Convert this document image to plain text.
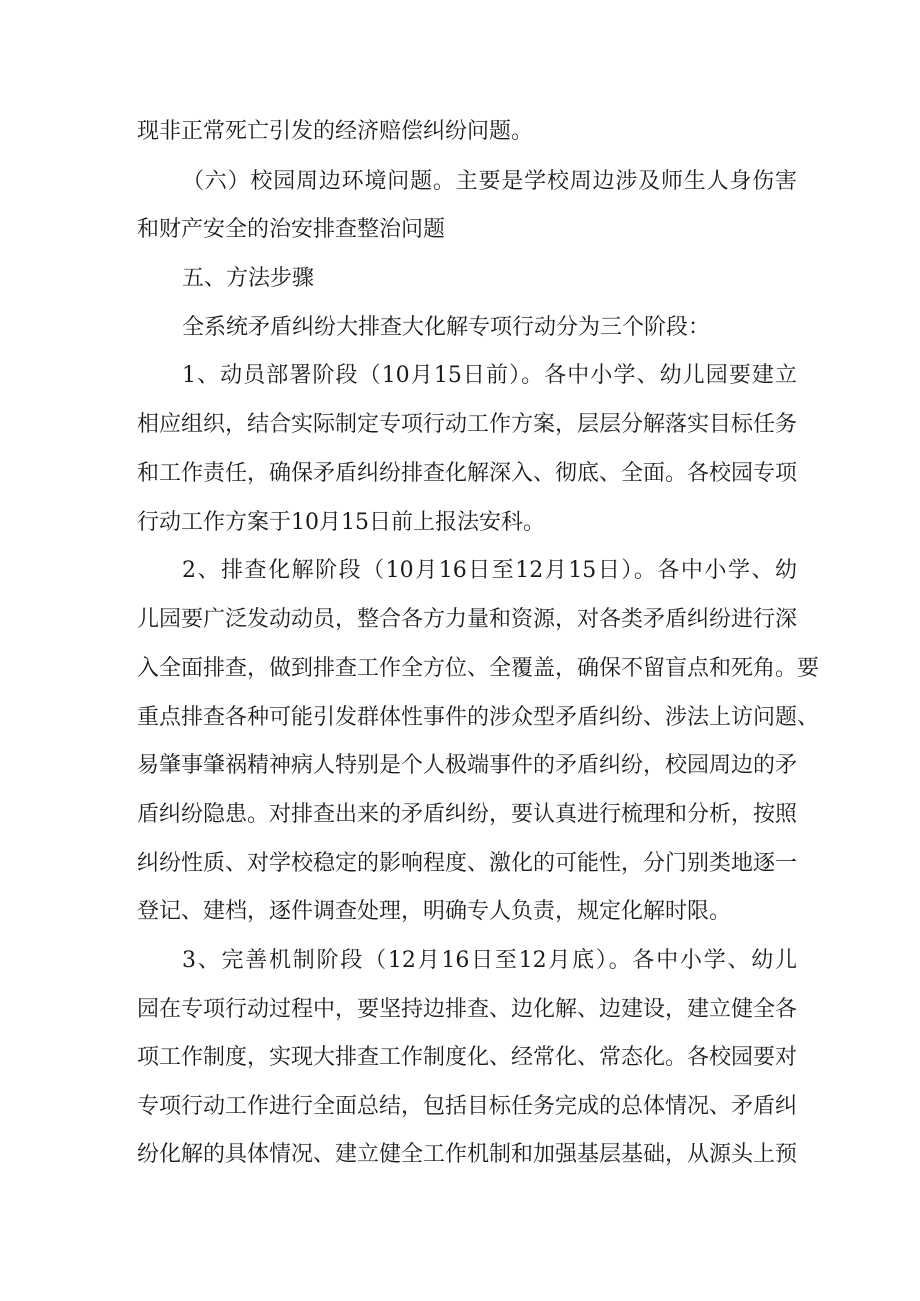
现非正常死亡引发的经济赔偿纠纷问题。
（六）校园周边环境问题。主要是学校周边涉及师生人身伤害
和财产安全的治安排查整治问题
五、方法步骤
全系统矛盾纠纷大排查大化解专项行动分为三个阶段：
1、动员部署阶段（10月15日前）。各中小学、幼儿园要建立
相应组织，结合实际制定专项行动工作方案，层层分解落实目标任务
和工作责任，确保矛盾纠纷排查化解深入、彻底、全面。各校园专项
行动工作方案于10月15日前上报法安科。
2、排查化解阶段（10月16日至12月15日）。各中小学、幼
儿园要广泛发动动员，整合各方力量和资源，对各类矛盾纠纷进行深
入全面排查，做到排查工作全方位、全覆盖，确保不留盲点和死角。要
重点排查各种可能引发群体性事件的涉众型矛盾纠纷、涉法上访问题、
易肇事肇祸精神病人特别是个人极端事件的矛盾纠纷，校园周边的矛
盾纠纷隐患。对排查出来的矛盾纠纷，要认真进行梳理和分析，按照
纠纷性质、对学校稳定的影响程度、激化的可能性，分门别类地逐一
登记、建档，逐件调查处理，明确专人负责，规定化解时限。
3、完善机制阶段（12月16日至12月底）。各中小学、幼儿
园在专项行动过程中，要坚持边排查、边化解、边建设，建立健全各
项工作制度，实现大排查工作制度化、经常化、常态化。各校园要对
专项行动工作进行全面总结，包括目标任务完成的总体情况、矛盾纠
纷化解的具体情况、建立健全工作机制和加强基层基础，从源头上预
